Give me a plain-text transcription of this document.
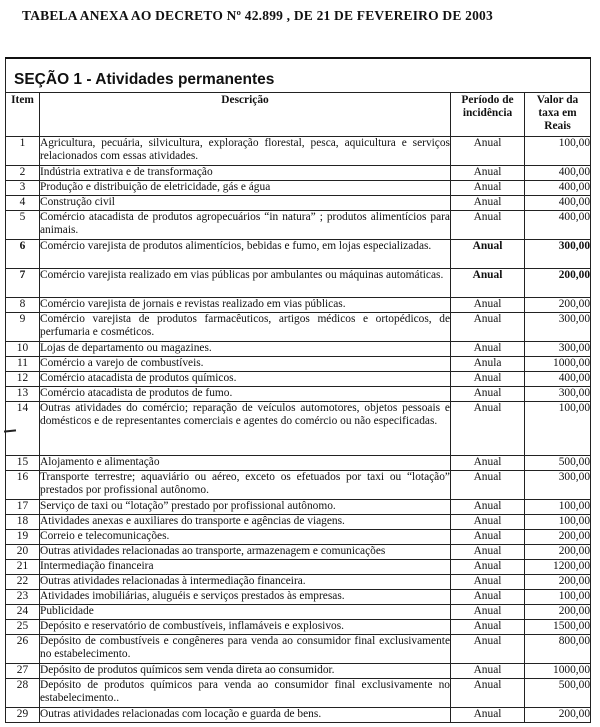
TABELA ANEXA AO DECRETO Nº 42.899 , DE 21 DE FEVEREIRO DE 2003
SEÇÃO 1 - Atividades permanentes			
Item	Descrição	Período de incidência	Valor da taxa em Reais
1	Agricultura, pecuária, silvicultura, exploração florestal, pesca, aquicultura e serviços relacionados com essas atividades.	Anual	100,00
2	Indústria extrativa e de transformação	Anual	400,00
3	Produção e distribuição de eletricidade, gás e água	Anual	400,00
4	Construção civil	Anual	400,00
5	Comércio atacadista de produtos agropecuários “in natura” ; produtos alimentícios para animais.	Anual	400,00
6	Comércio varejista de produtos alimentícios, bebidas e fumo, em lojas especializadas.	Anual	300,00
7	Comércio varejista realizado em vias públicas por ambulantes ou máquinas automáticas.	Anual	200,00
8	Comércio varejista de jornais e revistas realizado em vias públicas.	Anual	200,00
9	Comércio varejista de produtos farmacêuticos, artigos médicos e ortopédicos, de perfumaria e cosméticos.	Anual	300,00
10	Lojas de departamento ou magazines.	Anual	300,00
11	Comércio a varejo de combustíveis.	Anula	1000,00
12	Comércio atacadista de produtos químicos.	Anual	400,00
13	Comércio atacadista de produtos de fumo.	Anual	300,00
14	Outras atividades do comércio; reparação de veículos automotores, objetos pessoais e domésticos e de representantes comerciais e agentes do comércio ou não especificadas.	Anual	100,00
15	Alojamento e alimentação	Anual	500,00
16	Transporte terrestre; aquaviário ou aéreo, exceto os efetuados por taxi ou “lotação” prestados por profissional autônomo.	Anual	300,00
17	Serviço de taxi ou “lotação” prestado por profissional autônomo.	Anual	100,00
18	Atividades anexas e auxiliares do transporte e agências de viagens.	Anual	100,00
19	Correio e telecomunicações.	Anual	200,00
20	Outras atividades relacionadas ao transporte, armazenagem e comunicações	Anual	200,00
21	Intermediação financeira	Anual	1200,00
22	Outras atividades relacionadas à intermediação financeira.	Anual	200,00
23	Atividades imobiliárias, aluguéis e serviços prestados às empresas.	Anual	100,00
24	Publicidade	Anual	200,00
25	Depósito e reservatório de combustíveis, inflamáveis e explosivos.	Anual	1500,00
26	Depósito de combustíveis e congêneres para venda ao consumidor final exclusivamente no estabelecimento.	Anual	800,00
27	Depósito de produtos químicos sem venda direta ao consumidor.	Anual	1000,00
28	Depósito de produtos químicos para venda ao consumidor final exclusivamente no estabelecimento..	Anual	500,00
29	Outras atividades relacionadas com locação e guarda de bens.	Anual	200,00
